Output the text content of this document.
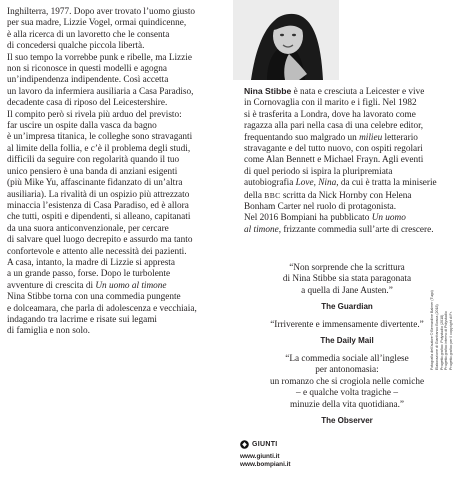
Inghilterra, 1977. Dopo aver trovato l’uomo giusto

per sua madre, Lizzie Vogel, ormai quindicenne,

è alla ricerca di un lavoretto che le consenta

di concedersi qualche piccola libertà.

Il suo tempo la vorrebbe punk e ribelle, ma Lizzie

non si riconosce in questi modelli e agogna

un’indipendenza indipendente. Così accetta

un lavoro da infermiera ausiliaria a Casa Paradiso,

decadente casa di riposo del Leicestershire.

Il compito però si rivela più arduo del previsto:

far uscire un ospite dalla vasca da bagno

è un’impresa titanica, le colleghe sono stravaganti

al limite della follia, e c’è il problema degli studi,

difficili da seguire con regolarità quando il tuo

unico pensiero è una banda di anziani esigenti

(più Mike Yu, affascinante fidanzato di un’altra

ausiliaria). La rivalità di un ospizio più attrezzato

minaccia l’esistenza di Casa Paradiso, ed è allora

che tutti, ospiti e dipendenti, si alleano, capitanati

da una suora anticonvenzionale, per cercare

di salvare quel luogo decrepito e assurdo ma tanto

confortevole e attento alle necessità dei pazienti.

A casa, intanto, la madre di Lizzie si appresta

a un grande passo, forse. Dopo le turbolente

avventure di crescita di Un uomo al timone

Nina Stibbe torna con una commedia pungente

e dolceamara, che parla di adolescenza e vecchiaia,

indagando tra lacrime e risate sui legami

di famiglia e non solo.

Nina Stibbe è nata e cresciuta a Leicester e vive

in Cornovaglia con il marito e i figli. Nel 1982

si è trasferita a Londra, dove ha lavorato come

ragazza alla pari nella casa di una celebre editor,

frequentando suo malgrado un milieu letterario

stravagante e del tutto nuovo, con ospiti regolari

come Alan Bennett e Michael Frayn. Agli eventi

di quel periodo si ispira la pluripremiata

autobiografia Love, Nina, da cui è tratta la miniserie

della BBC scritta da Nick Hornby con Helena

Bonham Carter nel ruolo di protagonista.

Nel 2016 Bompiani ha pubblicato Un uomo

al timone, frizzante commedia sull’arte di crescere.

“Non sorprende che la scrittura
di Nina Stibbe sia stata paragonata
a quella di Jane Austen.”
The Guardian
“Irriverente e immensamente divertente.”
The Daily Mail
“La commedia sociale all’inglese
per antonomasia:
un romanzo che si crogiola nelle comiche
– e qualche volta tragiche –
minuzie della vita quotidiana.”
The Observer
Fotografia dell’autore © Bernardine Balmer (Tugo) Elaborazione di Gianfranco Bosca (2018) Progetto grafico: Polystudio (2018) Progetto grafico interno di Polystudio Progetto grafico per il copyright di Fr.
GIUNTI
www.giunti.it
www.bompiani.it
